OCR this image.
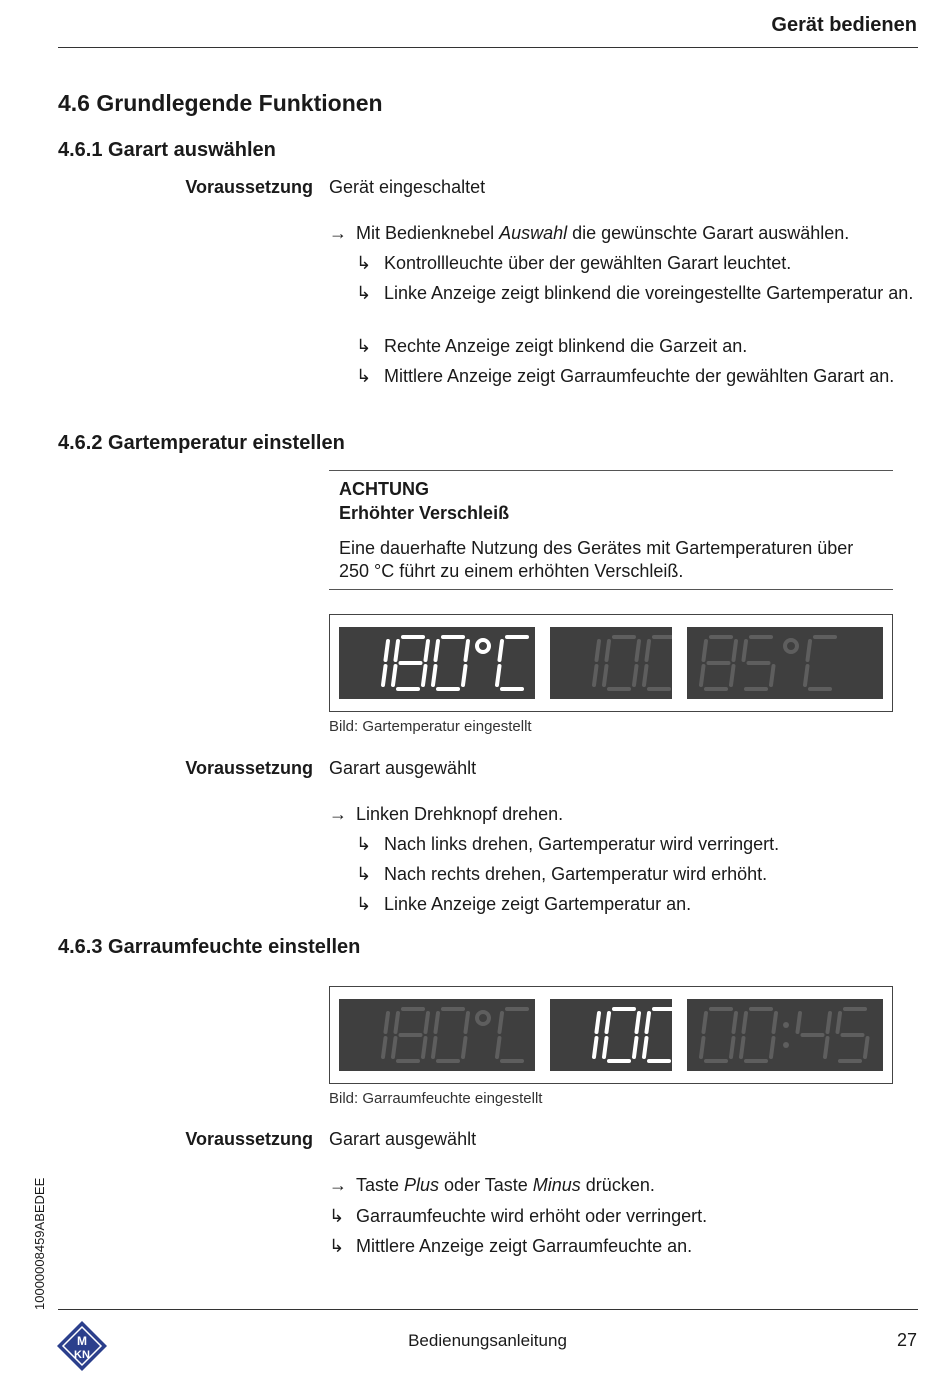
Gerät bedienen
4.6 Grundlegende Funktionen
4.6.1 Garart auswählen
Voraussetzung Gerät eingeschaltet
→ Mit Bedienknebel Auswahl die gewünschte Garart auswählen.
↳ Kontrollleuchte über der gewählten Garart leuchtet.
↳ Linke Anzeige zeigt blinkend die voreingestellte Gartemperatur an.
↳ Rechte Anzeige zeigt blinkend die Garzeit an.
↳ Mittlere Anzeige zeigt Garraumfeuchte der gewählten Garart an.
4.6.2 Gartemperatur einstellen
ACHTUNG
Erhöhter Verschleiß
Eine dauerhafte Nutzung des Gerätes mit Gartemperaturen über 250 °C führt zu einem erhöhten Verschleiß.
Bild: Gartemperatur eingestellt
Voraussetzung Garart ausgewählt
→ Linken Drehknopf drehen.
↳ Nach links drehen, Gartemperatur wird verringert.
↳ Nach rechts drehen, Gartemperatur wird erhöht.
↳ Linke Anzeige zeigt Gartemperatur an.
4.6.3 Garraumfeuchte einstellen
Bild: Garraumfeuchte eingestellt
Voraussetzung Garart ausgewählt
→ Taste Plus oder Taste Minus drücken.
↳ Garraumfeuchte wird erhöht oder verringert.
↳ Mittlere Anzeige zeigt Garraumfeuchte an.
10000008459ABEDEE
M
KN
Bedienungsanleitung	27
